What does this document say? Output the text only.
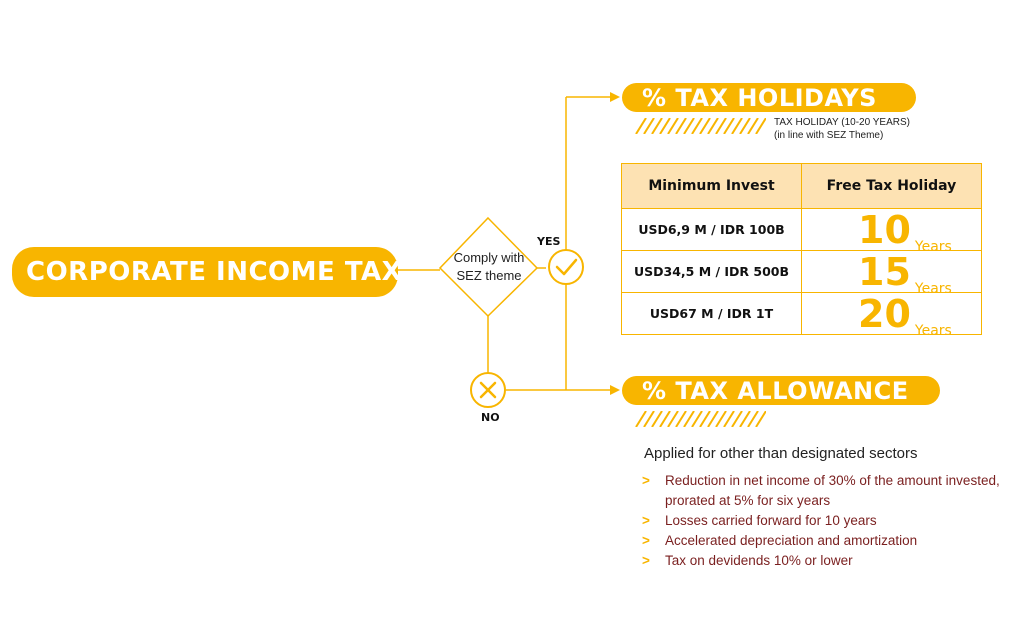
CORPORATE INCOME TAX	Comply with
SEZ theme
YES
NO
% TAX HOLIDAYS
TAX HOLIDAY (10-20 YEARS)
(in line with SEZ Theme)
Minimum Invest	Free Tax Holiday
USD6,9 M / IDR 100B	10 Years
USD34,5 M / IDR 500B	15 Years
USD67 M / IDR 1T	20 Years
% TAX ALLOWANCE
Applied for other than designated sectors
> Reduction in net income of 30% of the amount invested, prorated at 5% for six years
> Losses carried forward for 10 years
> Accelerated depreciation and amortization
> Tax on devidends 10% or lower
